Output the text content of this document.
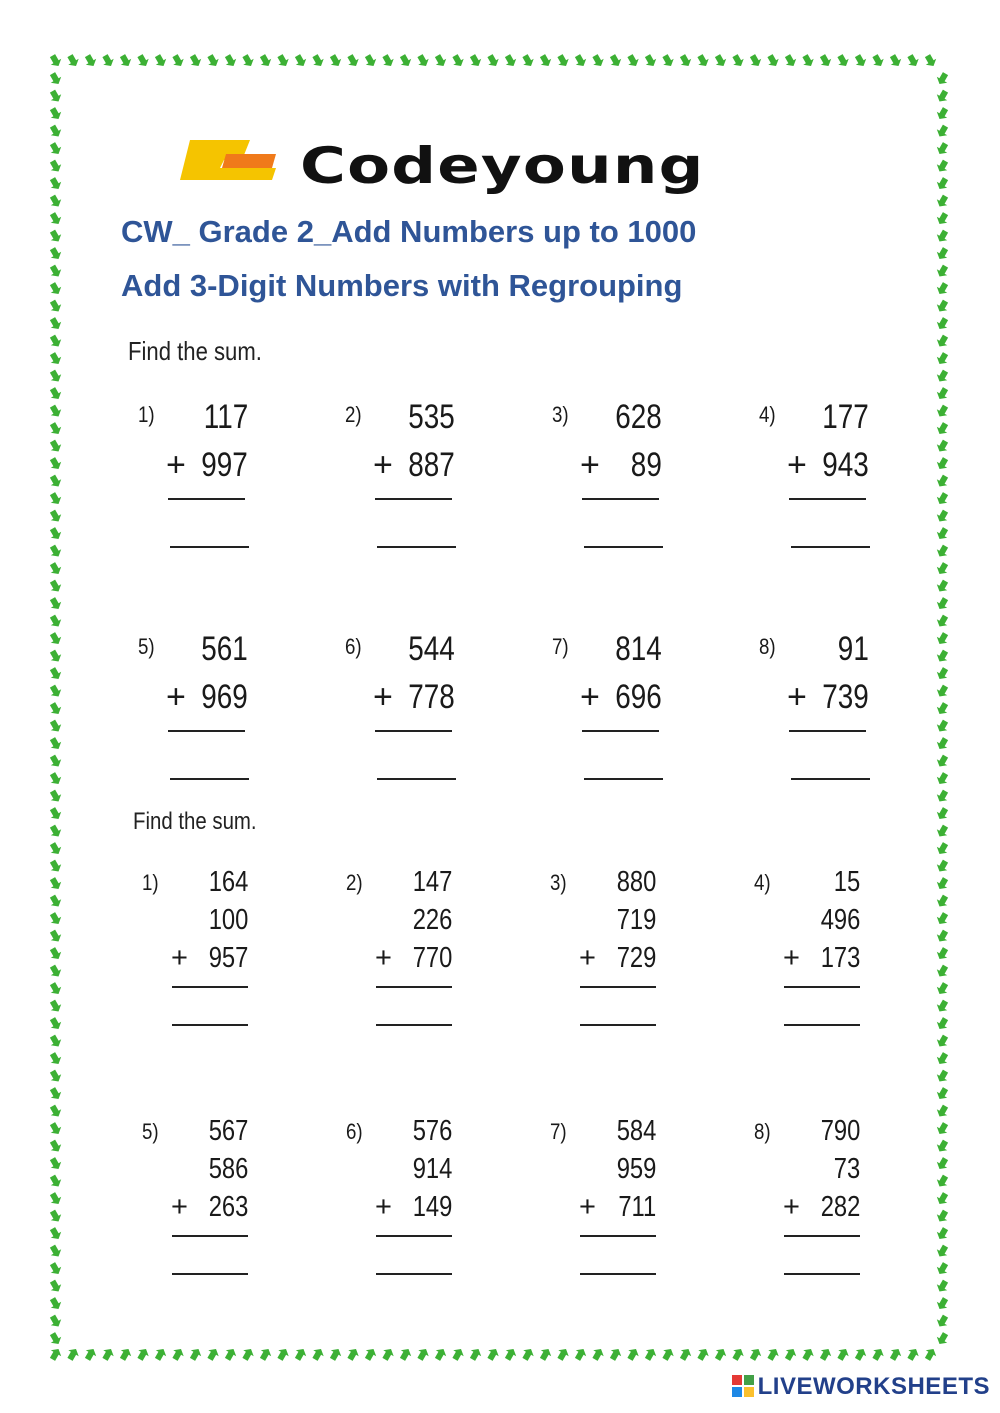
Codeyoung
CW_ Grade 2_Add Numbers up to 1000
Add 3-Digit Numbers with Regrouping
Find the sum.
1) 117
997
+
2) 535
887
+
3) 628
89
+
4) 177
943
+
5) 561
969
+
6) 544
778
+
7) 814
696
+
8) 91
739
+
Find the sum.
1) 164
100
957
+
2) 147
226
770
+
3) 880
719
729
+
4) 15
496
173
+
5) 567
586
263
+
6) 576
914
149
+
7) 584
959
711
+
8) 790
73
282
+
LIVEWORKSHEETS
